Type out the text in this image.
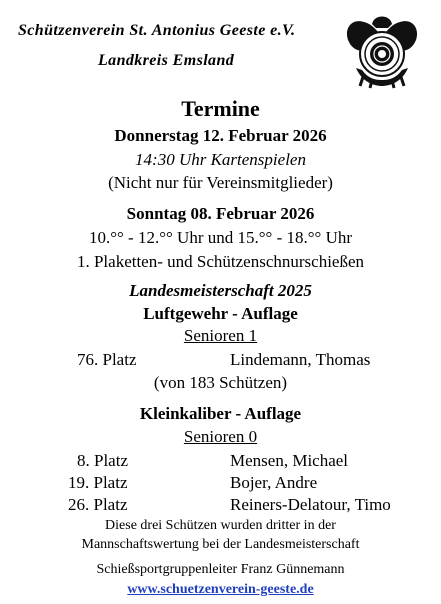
Schützenverein St. Antonius Geeste e.V.
Landkreis Emsland
Termine
Donnerstag 12. Februar 2026
14:30 Uhr Kartenspielen
(Nicht nur für Vereinsmitglieder)
Sonntag 08. Februar 2026
10.°° - 12.°° Uhr und 15.°° - 18.°° Uhr
1. Plaketten- und Schützenschnurschießen
Landesmeisterschaft 2025
Luftgewehr - Auflage
Senioren 1
76. Platz	Lindemann, Thomas
(von 183 Schützen)
Kleinkaliber - Auflage
Senioren 0
8. Platz	Mensen, Michael
19. Platz	Bojer, Andre
26. Platz	Reiners-Delatour, Timo
Diese drei Schützen wurden dritter in der
Mannschaftswertung bei der Landesmeisterschaft
Schießsportgruppenleiter Franz Günnemann
www.schuetzenverein-geeste.de
